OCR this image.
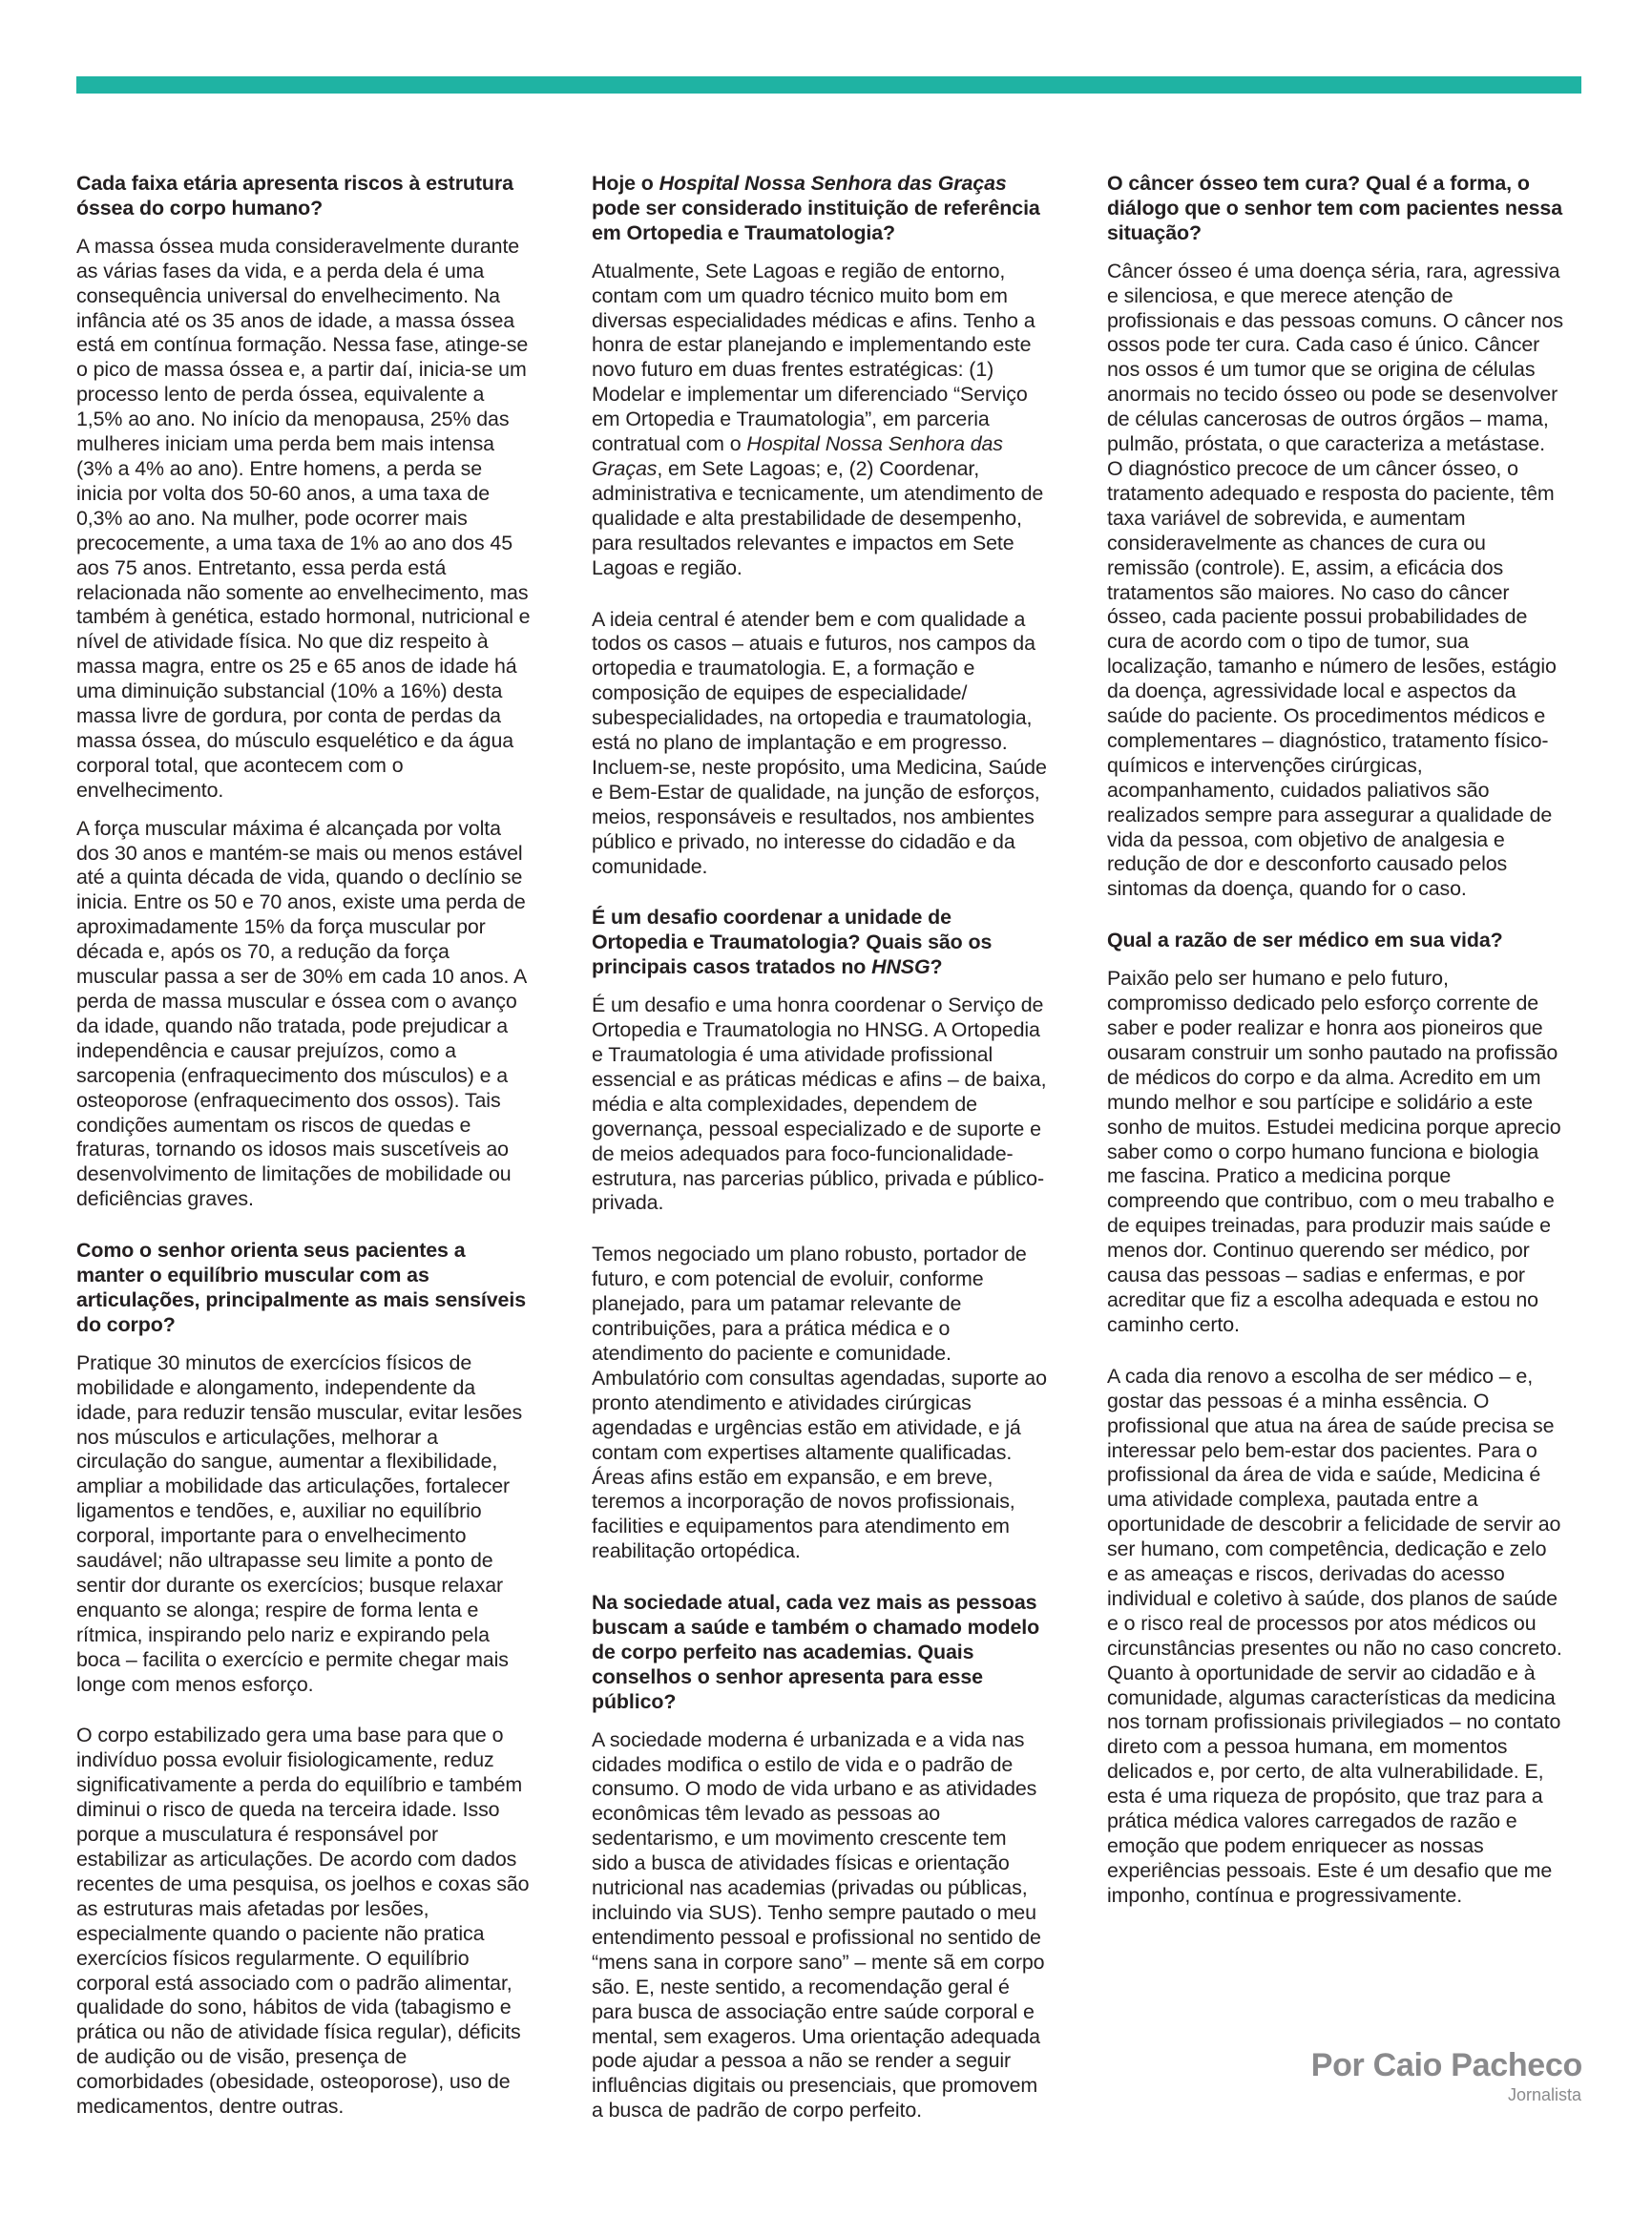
Cada faixa etária apresenta riscos à estrutura óssea do corpo humano?
A massa óssea muda consideravelmente durante as várias fases da vida, e a perda dela é uma consequência universal do envelhecimento. Na infância até os 35 anos de idade, a massa óssea está em contínua formação. Nessa fase, atinge-se o pico de massa óssea e, a partir daí, inicia-se um processo lento de perda óssea, equivalente a 1,5% ao ano. No início da menopausa, 25% das mulheres iniciam uma perda bem mais intensa (3% a 4% ao ano). Entre homens, a perda se inicia por volta dos 50-60 anos, a uma taxa de 0,3% ao ano. Na mulher, pode ocorrer mais precocemente, a uma taxa de 1% ao ano dos 45 aos 75 anos. Entretanto, essa perda está relacionada não somente ao envelhecimento, mas também à genética, estado hormonal, nutricional e nível de atividade física. No que diz respeito à massa magra, entre os 25 e 65 anos de idade há uma diminuição substancial (10% a 16%) desta massa livre de gordura, por conta de perdas da massa óssea, do músculo esquelético e da água corporal total, que acontecem com o envelhecimento.
A força muscular máxima é alcançada por volta dos 30 anos e mantém-se mais ou menos estável até a quinta década de vida, quando o declínio se inicia. Entre os 50 e 70 anos, existe uma perda de aproximadamente 15% da força muscular por década e, após os 70, a redução da força muscular passa a ser de 30% em cada 10 anos. A perda de massa muscular e óssea com o avanço da idade, quando não tratada, pode prejudicar a independência e causar prejuízos, como a sarcopenia (enfraquecimento dos músculos) e a osteoporose (enfraquecimento dos ossos). Tais condições aumentam os riscos de quedas e fraturas, tornando os idosos mais suscetíveis ao desenvolvimento de limitações de mobilidade ou deficiências graves.
Como o senhor orienta seus pacientes a manter o equilíbrio muscular com as articulações, principalmente as mais sensíveis do corpo?
Pratique 30 minutos de exercícios físicos de mobilidade e alongamento, independente da idade, para reduzir tensão muscular, evitar lesões nos músculos e articulações, melhorar a circulação do sangue, aumentar a flexibilidade, ampliar a mobilidade das articulações, fortalecer ligamentos e tendões, e, auxiliar no equilíbrio corporal, importante para o envelhecimento saudável; não ultrapasse seu limite a ponto de sentir dor durante os exercícios; busque relaxar enquanto se alonga; respire de forma lenta e rítmica, inspirando pelo nariz e expirando pela boca – facilita o exercício e permite chegar mais longe com menos esforço.
O corpo estabilizado gera uma base para que o indivíduo possa evoluir fisiologicamente, reduz significativamente a perda do equilíbrio e também diminui o risco de queda na terceira idade. Isso porque a musculatura é responsável por estabilizar as articulações. De acordo com dados recentes de uma pesquisa, os joelhos e coxas são as estruturas mais afetadas por lesões, especialmente quando o paciente não pratica exercícios físicos regularmente. O equilíbrio corporal está associado com o padrão alimentar, qualidade do sono, hábitos de vida (tabagismo e prática ou não de atividade física regular), déficits de audição ou de visão, presença de comorbidades (obesidade, osteoporose), uso de medicamentos, dentre outras.
Hoje o Hospital Nossa Senhora das Graças pode ser considerado instituição de referência em Ortopedia e Traumatologia?
Atualmente, Sete Lagoas e região de entorno, contam com um quadro técnico muito bom em diversas especialidades médicas e afins. Tenho a honra de estar planejando e implementando este novo futuro em duas frentes estratégicas: (1) Modelar e implementar um diferenciado “Serviço em Ortopedia e Traumatologia”, em parceria contratual com o Hospital Nossa Senhora das Graças, em Sete Lagoas; e, (2) Coordenar, administrativa e tecnicamente, um atendimento de qualidade e alta prestabilidade de desempenho, para resultados relevantes e impactos em Sete Lagoas e região.
A ideia central é atender bem e com qualidade a todos os casos – atuais e futuros, nos campos da ortopedia e traumatologia. E, a formação e composição de equipes de especialidade/ subespecialidades, na ortopedia e traumatologia, está no plano de implantação e em progresso. Incluem-se, neste propósito, uma Medicina, Saúde e Bem-Estar de qualidade, na junção de esforços, meios, responsáveis e resultados, nos ambientes público e privado, no interesse do cidadão e da comunidade.
É um desafio coordenar a unidade de Ortopedia e Traumatologia? Quais são os principais casos tratados no HNSG?
É um desafio e uma honra coordenar o Serviço de Ortopedia e Traumatologia no HNSG. A Ortopedia e Traumatologia é uma atividade profissional essencial e as práticas médicas e afins – de baixa, média e alta complexidades, dependem de governança, pessoal especializado e de suporte e de meios adequados para foco-funcionalidade-estrutura, nas parcerias público, privada e público-privada.
Temos negociado um plano robusto, portador de futuro, e com potencial de evoluir, conforme planejado, para um patamar relevante de contribuições, para a prática médica e o atendimento do paciente e comunidade. Ambulatório com consultas agendadas, suporte ao pronto atendimento e atividades cirúrgicas agendadas e urgências estão em atividade, e já contam com expertises altamente qualificadas. Áreas afins estão em expansão, e em breve, teremos a incorporação de novos profissionais, facilities e equipamentos para atendimento em reabilitação ortopédica.
Na sociedade atual, cada vez mais as pessoas buscam a saúde e também o chamado modelo de corpo perfeito nas academias. Quais conselhos o senhor apresenta para esse público?
A sociedade moderna é urbanizada e a vida nas cidades modifica o estilo de vida e o padrão de consumo. O modo de vida urbano e as atividades econômicas têm levado as pessoas ao sedentarismo, e um movimento crescente tem sido a busca de atividades físicas e orientação nutricional nas academias (privadas ou públicas, incluindo via SUS). Tenho sempre pautado o meu entendimento pessoal e profissional no sentido de “mens sana in corpore sano” – mente sã em corpo são. E, neste sentido, a recomendação geral é para busca de associação entre saúde corporal e mental, sem exageros. Uma orientação adequada pode ajudar a pessoa a não se render a seguir influências digitais ou presenciais, que promovem a busca de padrão de corpo perfeito.
O câncer ósseo tem cura? Qual é a forma, o diálogo que o senhor tem com pacientes nessa situação?
Câncer ósseo é uma doença séria, rara, agressiva e silenciosa, e que merece atenção de profissionais e das pessoas comuns. O câncer nos ossos pode ter cura. Cada caso é único. Câncer nos ossos é um tumor que se origina de células anormais no tecido ósseo ou pode se desenvolver de células cancerosas de outros órgãos – mama, pulmão, próstata, o que caracteriza a metástase. O diagnóstico precoce de um câncer ósseo, o tratamento adequado e resposta do paciente, têm taxa variável de sobrevida, e aumentam consideravelmente as chances de cura ou remissão (controle). E, assim, a eficácia dos tratamentos são maiores. No caso do câncer ósseo, cada paciente possui probabilidades de cura de acordo com o tipo de tumor, sua localização, tamanho e número de lesões, estágio da doença, agressividade local e aspectos da saúde do paciente. Os procedimentos médicos e complementares – diagnóstico, tratamento físico-químicos e intervenções cirúrgicas, acompanhamento, cuidados paliativos são realizados sempre para assegurar a qualidade de vida da pessoa, com objetivo de analgesia e redução de dor e desconforto causado pelos sintomas da doença, quando for o caso.
Qual a razão de ser médico em sua vida?
Paixão pelo ser humano e pelo futuro, compromisso dedicado pelo esforço corrente de saber e poder realizar e honra aos pioneiros que ousaram construir um sonho pautado na profissão de médicos do corpo e da alma. Acredito em um mundo melhor e sou partícipe e solidário a este sonho de muitos. Estudei medicina porque aprecio saber como o corpo humano funciona e biologia me fascina. Pratico a medicina porque compreendo que contribuo, com o meu trabalho e de equipes treinadas, para produzir mais saúde e menos dor. Continuo querendo ser médico, por causa das pessoas – sadias e enfermas, e por acreditar que fiz a escolha adequada e estou no caminho certo.
A cada dia renovo a escolha de ser médico – e, gostar das pessoas é a minha essência. O profissional que atua na área de saúde precisa se interessar pelo bem-estar dos pacientes. Para o profissional da área de vida e saúde, Medicina é uma atividade complexa, pautada entre a oportunidade de descobrir a felicidade de servir ao ser humano, com competência, dedicação e zelo e as ameaças e riscos, derivadas do acesso individual e coletivo à saúde, dos planos de saúde e o risco real de processos por atos médicos ou circunstâncias presentes ou não no caso concreto. Quanto à oportunidade de servir ao cidadão e à comunidade, algumas características da medicina nos tornam profissionais privilegiados – no contato direto com a pessoa humana, em momentos delicados e, por certo, de alta vulnerabilidade. E, esta é uma riqueza de propósito, que traz para a prática médica valores carregados de razão e emoção que podem enriquecer as nossas experiências pessoais. Este é um desafio que me imponho, contínua e progressivamente.
Por Caio Pacheco
Jornalista
